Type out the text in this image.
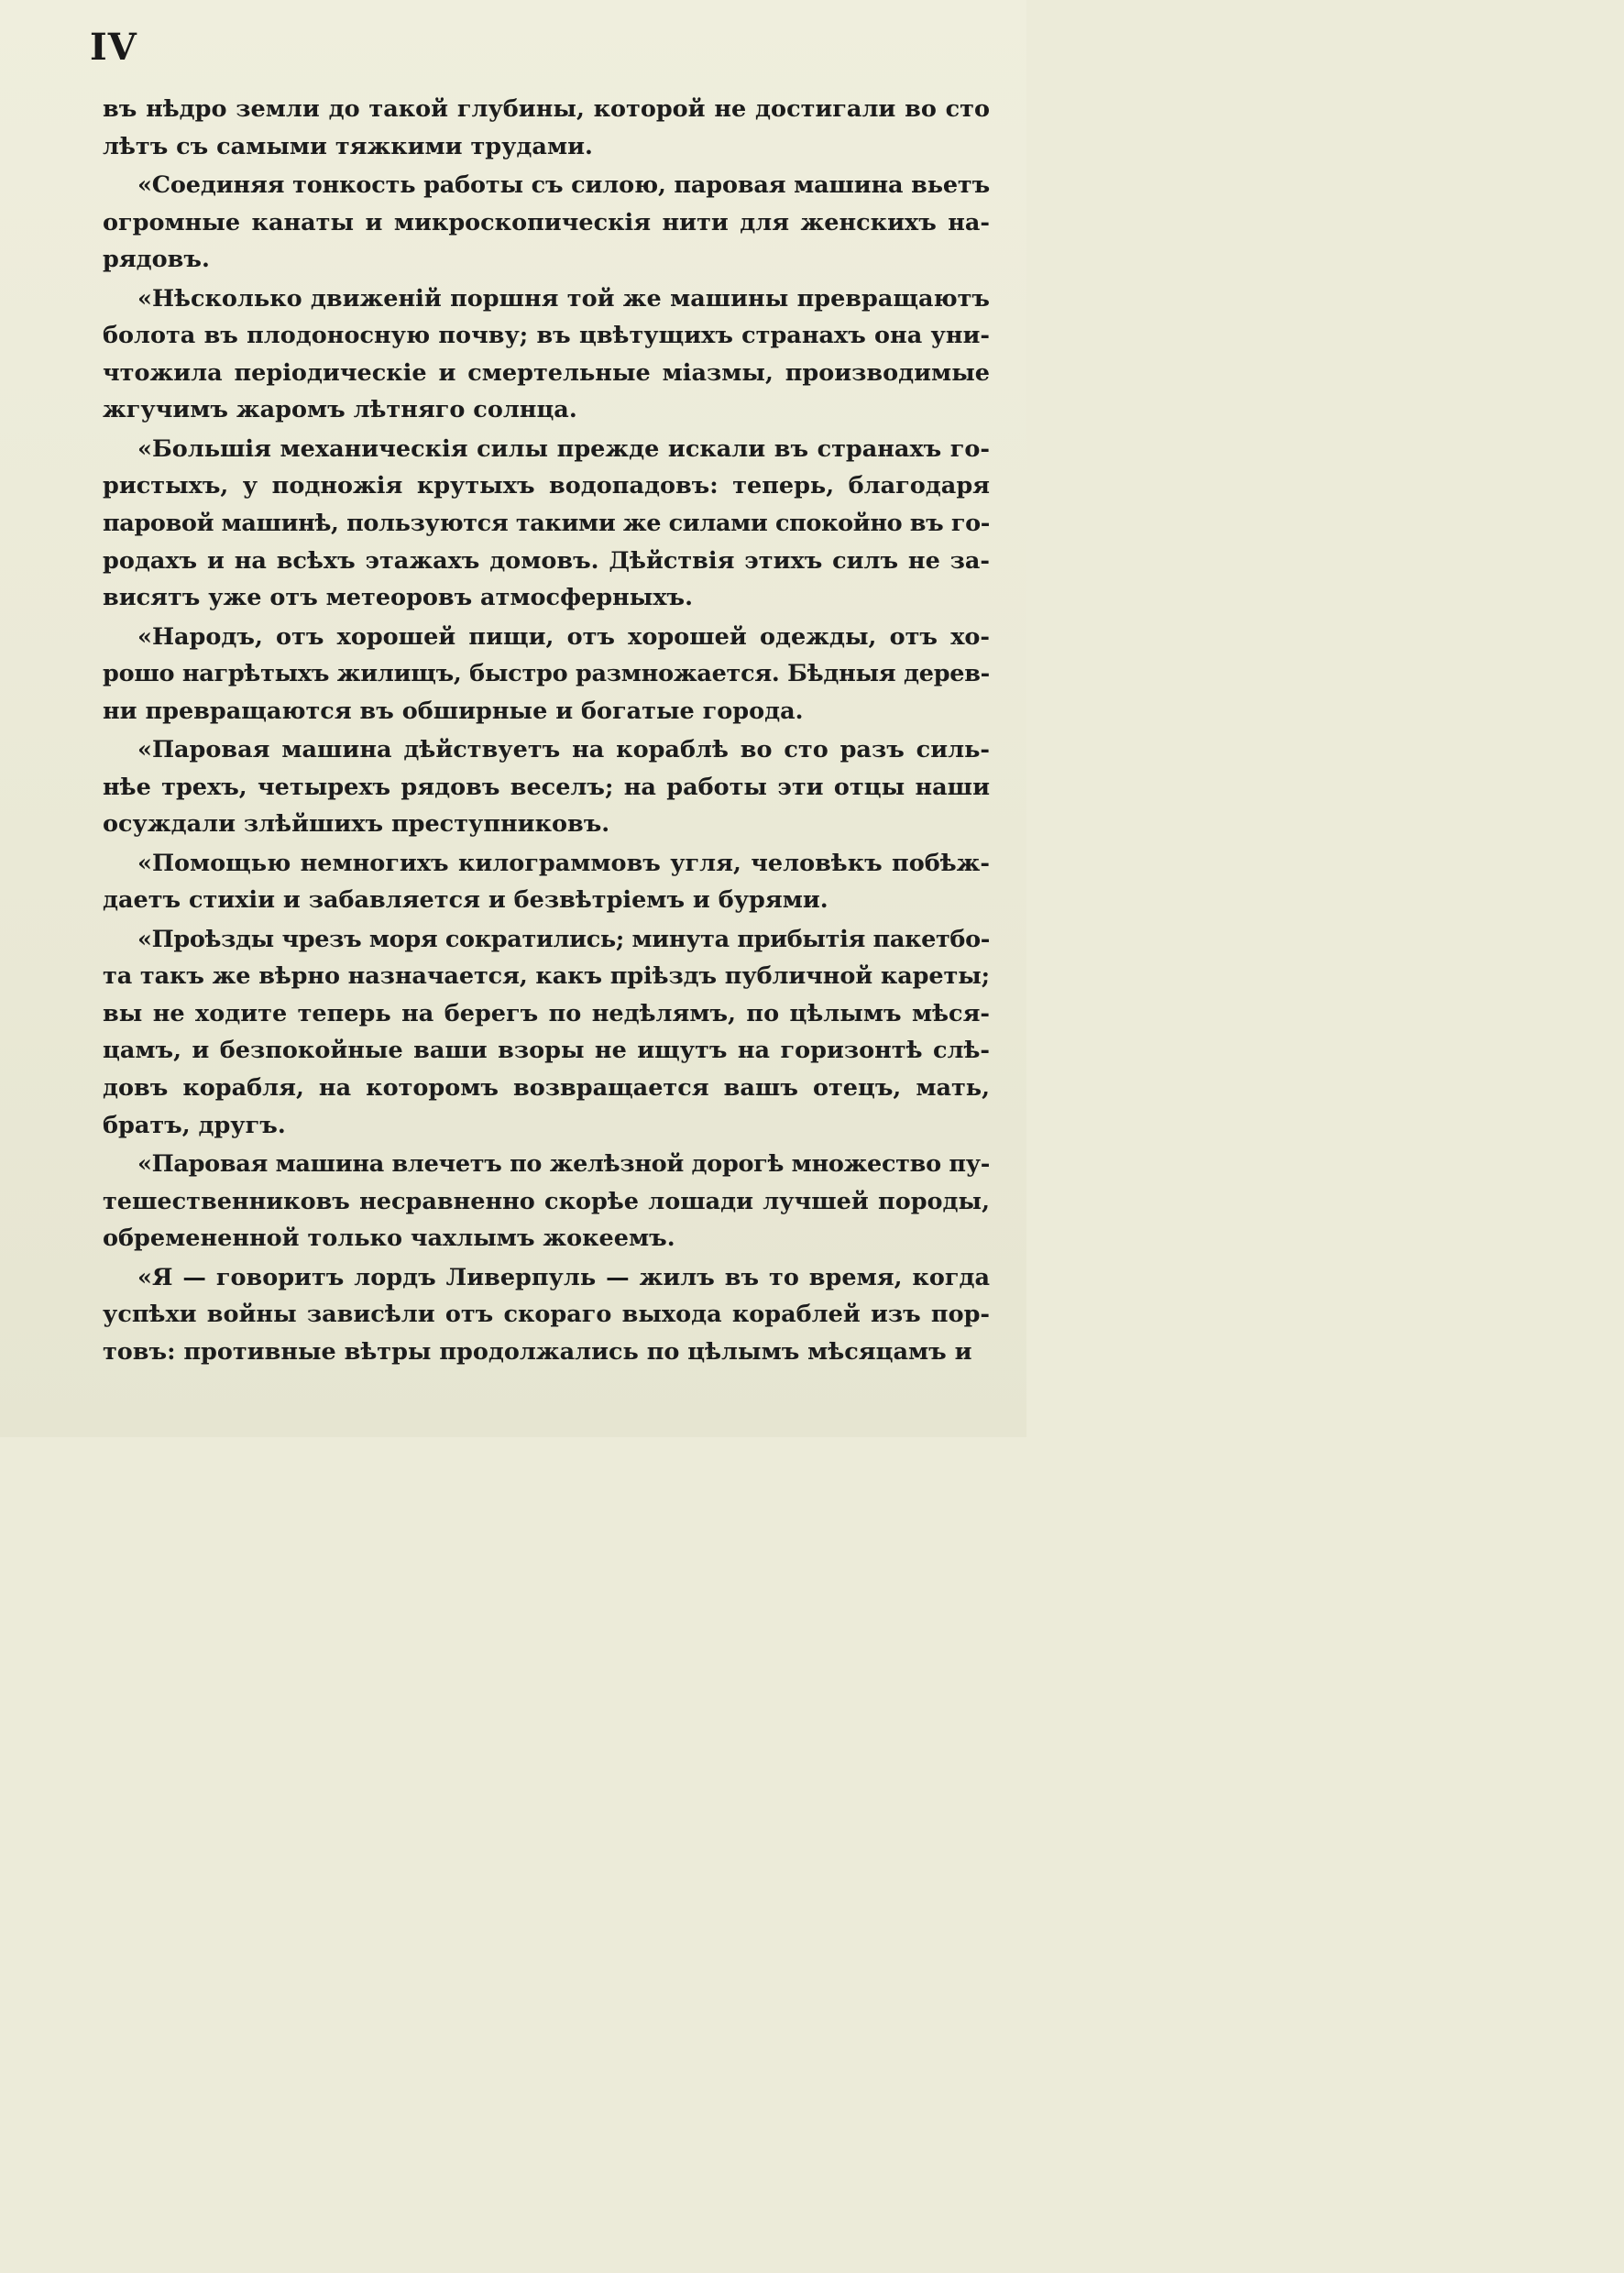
IV
въ нѣдро земли до такой глубины, которой не достигали во сто
лѣтъ съ самыми тяжкими трудами.
«Соединяя тонкость работы съ силою, паровая машина вьетъ
огромные канаты и микроскопическія нити для женскихъ на-
рядовъ.
«Нѣсколько движеній поршня той же машины превращаютъ
болота въ плодоносную почву; въ цвѣтущихъ странахъ она уни-
чтожила періодическіе и смертельные міазмы, производимые
жгучимъ жаромъ лѣтняго солнца.
«Большія механическія силы прежде искали въ странахъ го-
ристыхъ, у подножія крутыхъ водопадовъ: теперь, благодаря
паровой машинѣ, пользуются такими же силами спокойно въ го-
родахъ и на всѣхъ этажахъ домовъ. Дѣйствія этихъ силъ не за-
висятъ уже отъ метеоровъ атмосферныхъ.
«Народъ, отъ хорошей пищи, отъ хорошей одежды, отъ хо-
рошо нагрѣтыхъ жилищъ, быстро размножается. Бѣдныя дерев-
ни превращаются въ обширные и богатые города.
«Паровая машина дѣйствуетъ на кораблѣ во сто разъ силь-
нѣе трехъ, четырехъ рядовъ веселъ; на работы эти отцы наши
осуждали злѣйшихъ преступниковъ.
«Помощью немногихъ килограммовъ угля, человѣкъ побѣж-
даетъ стихіи и забавляется и безвѣтріемъ и бурями.
«Проѣзды чрезъ моря сократились; минута прибытія пакетбо-
та такъ же вѣрно назначается, какъ пріѣздъ публичной кареты;
вы не ходите теперь на берегъ по недѣлямъ, по цѣлымъ мѣся-
цамъ, и безпокойные ваши взоры не ищутъ на горизонтѣ слѣ-
довъ корабля, на которомъ возвращается вашъ отецъ, мать,
братъ, другъ.
«Паровая машина влечетъ по желѣзной дорогѣ множество пу-
тешественниковъ несравненно скорѣе лошади лучшей породы,
обремененной только чахлымъ жокеемъ.
«Я — говоритъ лордъ Ливерпуль — жилъ въ то время, когда
успѣхи войны зависѣли отъ скораго выхода кораблей изъ пор-
товъ: противные вѣтры продолжались по цѣлымъ мѣсяцамъ и
